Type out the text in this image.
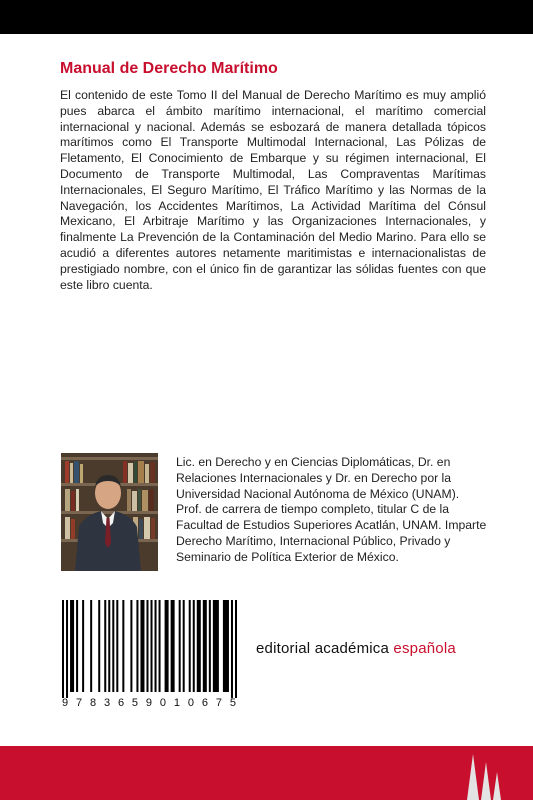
Manual de Derecho Marítimo

El contenido de este Tomo II del Manual de Derecho Marítimo es muy amplió pues abarca el ámbito marítimo internacional, el marítimo comercial internacional y nacional. Además se esbozará de manera detallada tópicos marítimos como El Transporte Multimodal Internacional, Las Pólizas de Fletamento, El Conocimiento de Embarque y su régimen internacional, El Documento de Transporte Multimodal, Las Compraventas Marítimas Internacionales, El Seguro Marítimo, El Tráfico Marítimo y las Normas de la Navegación, los Accidentes Marítimos, La Actividad Marítima del Cónsul Mexicano, El Arbitraje Marítimo y las Organizaciones Internacionales, y finalmente La Prevención de la Contaminación del Medio Marino. Para ello se acudió a diferentes autores netamente maritimistas e internacionalistas de prestigiado nombre, con el único fin de garantizar las sólidas fuentes con que este libro cuenta.

Lic. en Derecho y en Ciencias Diplomáticas, Dr. en Relaciones Internacionales y Dr. en Derecho por la Universidad Nacional Autónoma de México (UNAM). Prof. de carrera de tiempo completo, titular C de la Facultad de Estudios Superiores Acatlán, UNAM. Imparte Derecho Marítimo, Internacional Público, Privado y Seminario de Política Exterior de México.

9 7 8 3 6 5 9 0 1 0 6 7 5
editorial académica española
